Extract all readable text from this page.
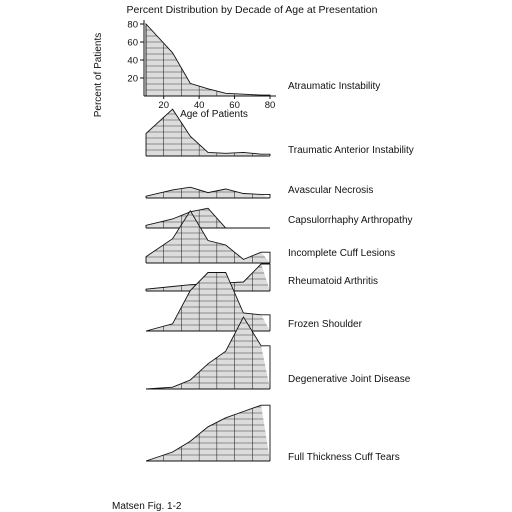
Percent Distribution by Decade of Age at Presentation
Percent of Patients	Age of Patients
Atraumatic Instability
20
40
60
80
20	40	60	80
Traumatic Anterior Instability
Avascular Necrosis
Capsulorrhaphy Arthropathy
Incomplete Cuff Lesions
Rheumatoid Arthritis
Frozen Shoulder
Degenerative Joint Disease
Full Thickness Cuff Tears
Matsen Fig. 1-2
